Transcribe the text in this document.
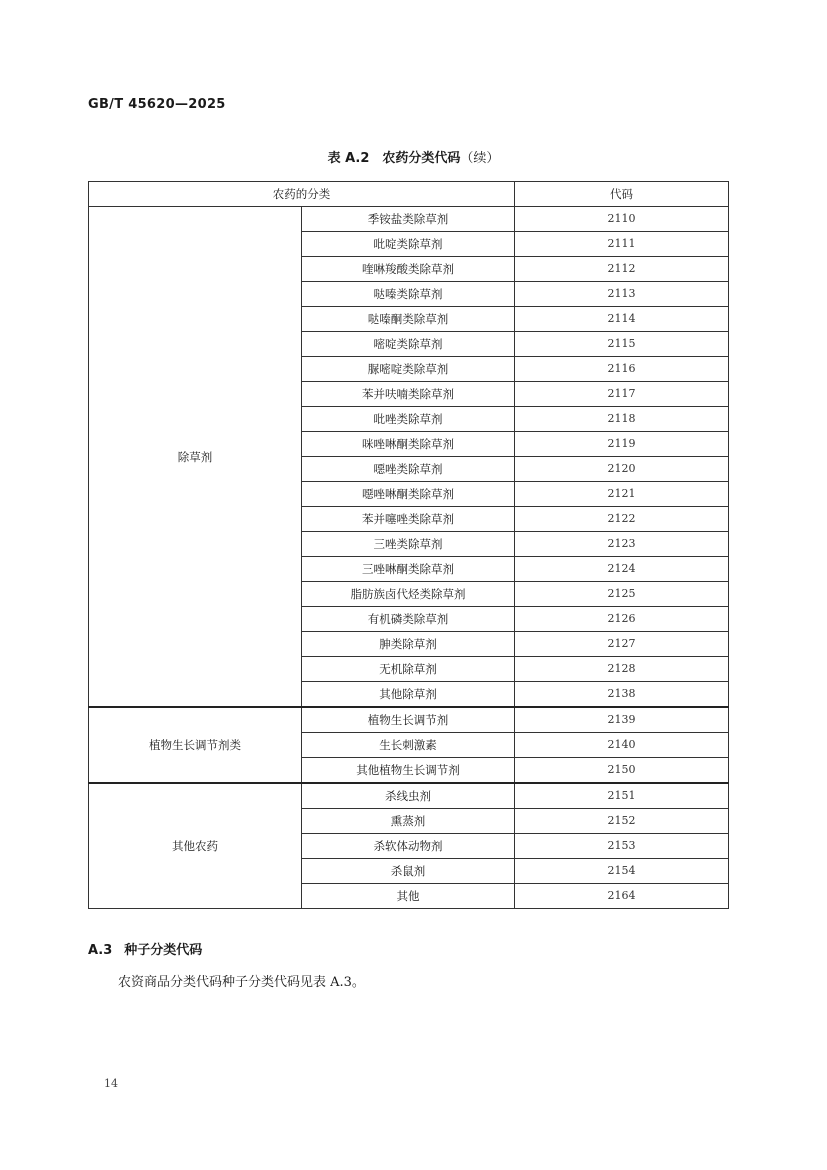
GB/T 45620—2025
表 A.2　农药分类代码（续）
农药的分类		代码
除草剂	季铵盐类除草剂	2110
	吡啶类除草剂	2111
	喹啉羧酸类除草剂	2112
	哒嗪类除草剂	2113
	哒嗪酮类除草剂	2114
	嘧啶类除草剂	2115
	脲嘧啶类除草剂	2116
	苯并呋喃类除草剂	2117
	吡唑类除草剂	2118
	咪唑啉酮类除草剂	2119
	噁唑类除草剂	2120
	噁唑啉酮类除草剂	2121
	苯并噻唑类除草剂	2122
	三唑类除草剂	2123
	三唑啉酮类除草剂	2124
	脂肪族卤代烃类除草剂	2125
	有机磷类除草剂	2126
	胂类除草剂	2127
	无机除草剂	2128
	其他除草剂	2138
植物生长调节剂类	植物生长调节剂	2139
	生长刺激素	2140
	其他植物生长调节剂	2150
其他农药	杀线虫剂	2151
	熏蒸剂	2152
	杀软体动物剂	2153
	杀鼠剂	2154
	其他	2164
A.3 种子分类代码
农资商品分类代码种子分类代码见表 A.3。
14
